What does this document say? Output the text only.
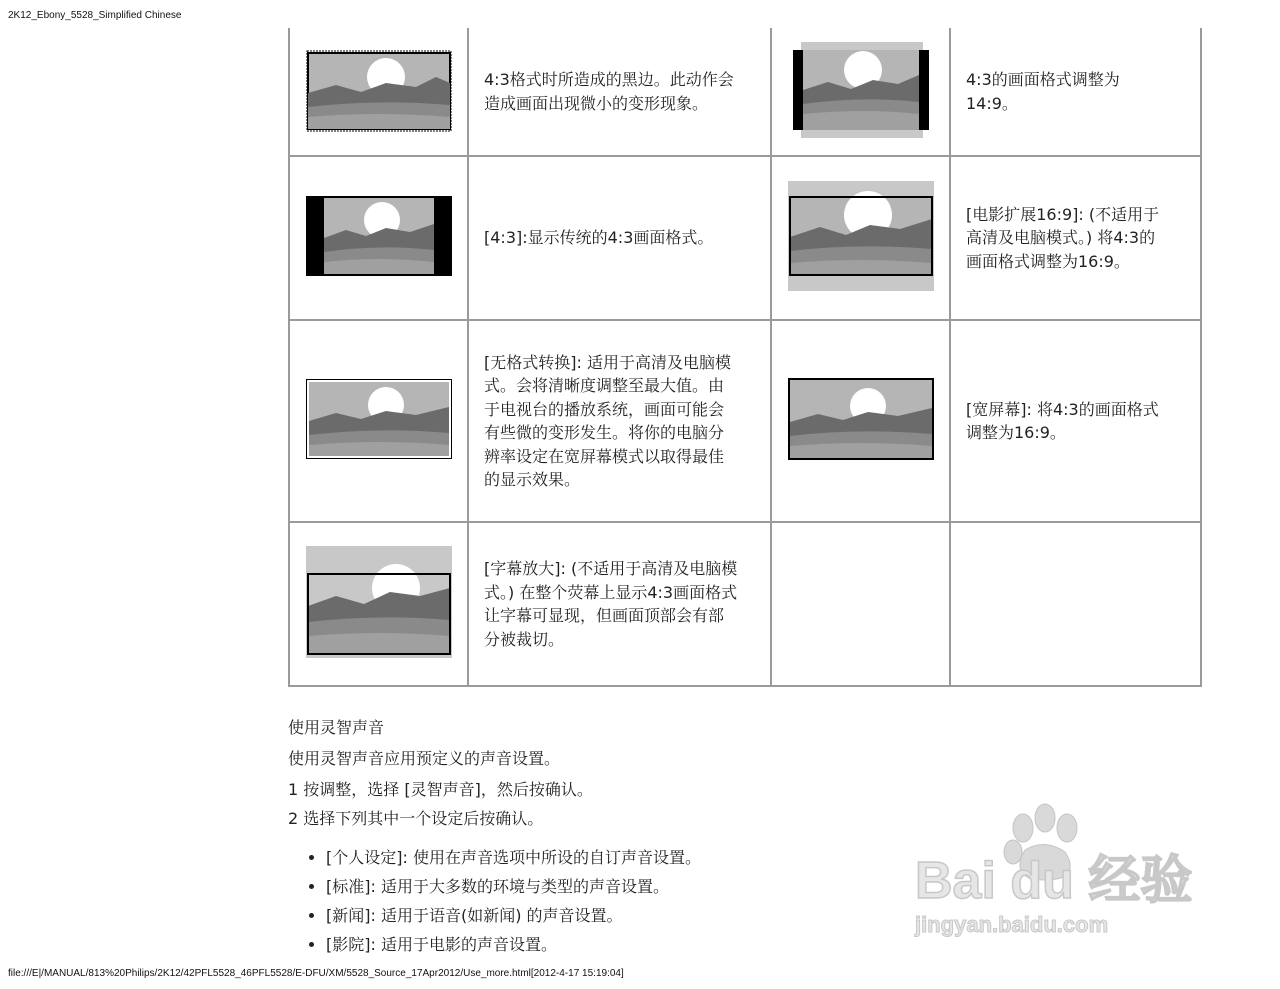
2K12_Ebony_5528_Simplified Chinese

4:3格式时所造成的黑边。此动作会造成画面出现微小的变形现象。		4:3的画面格式调整为14:9。

[4:3]:显示传统的4:3画面格式。		[电影扩展16:9]: (不适用于高清及电脑模式。) 将4:3的画面格式调整为16:9。

[无格式转换]: 适用于高清及电脑模式。会将清晰度调整至最大值。由于电视台的播放系统，画面可能会有些微的变形发生。将你的电脑分辨率设定在宽屏幕模式以取得最佳的显示效果。		[宽屏幕]: 将4:3的画面格式调整为16:9。

[字幕放大]: (不适用于高清及电脑模式。) 在整个荧幕上显示4:3画面格式让字幕可显现，但画面顶部会有部分被裁切。		

使用灵智声音
使用灵智声音应用预定义的声音设置。
1 按调整，选择 [灵智声音]，然后按确认。
2 选择下列其中一个设定后按确认。
• [个人设定]: 使用在声音选项中所设的自订声音设置。
• [标准]: 适用于大多数的环境与类型的声音设置。
• [新闻]: 适用于语音(如新闻) 的声音设置。
• [影院]: 适用于电影的声音设置。
Bai du 经验
jingyan.baidu.com
file:///E|/MANUAL/813%20Philips/2K12/42PFL5528_46PFL5528/E-DFU/XM/5528_Source_17Apr2012/Use_more.html[2012-4-17 15:19:04]
